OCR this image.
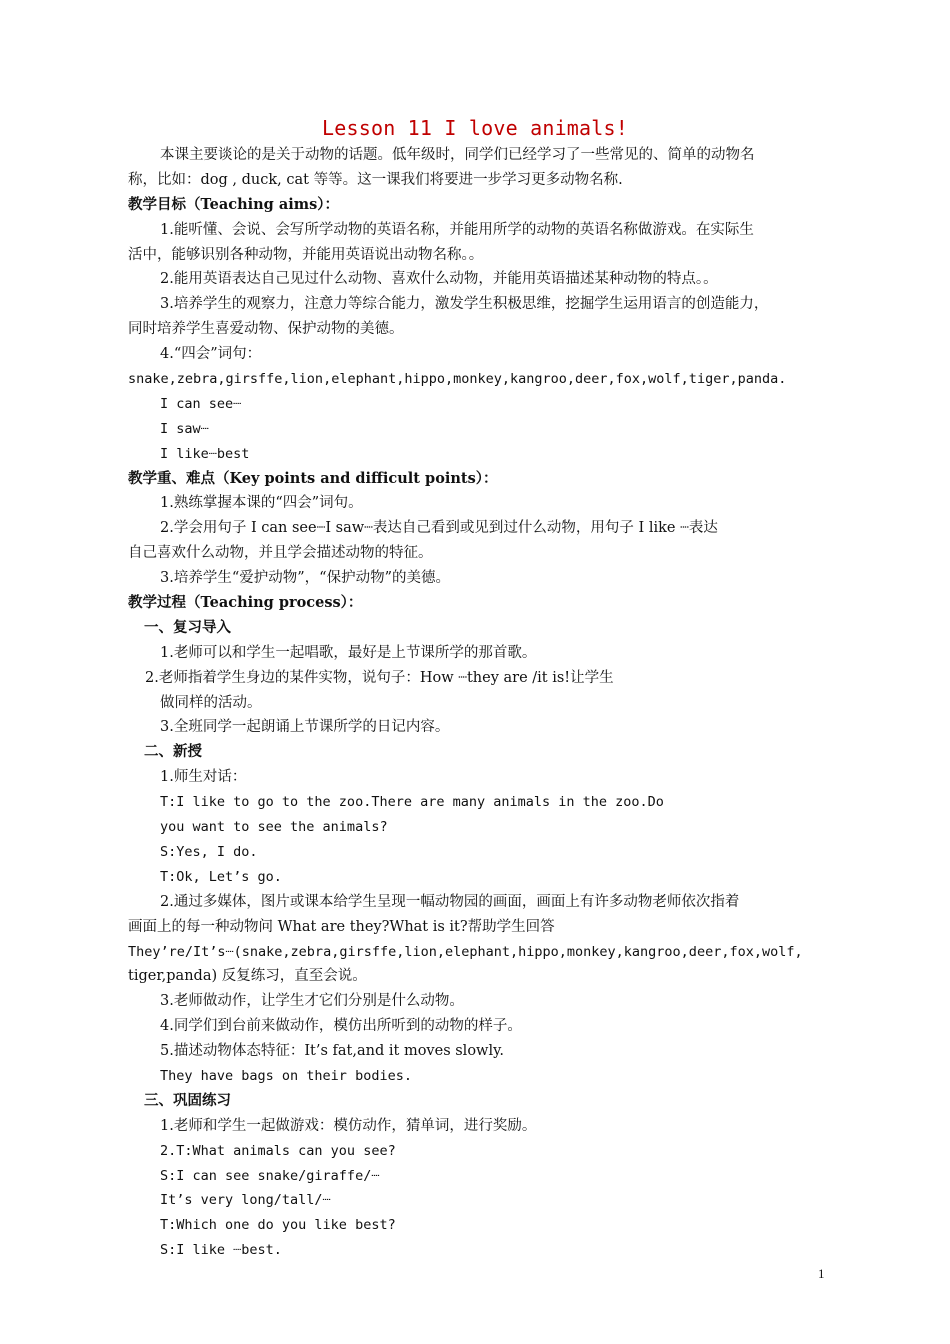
Lesson 11 I love animals!
本课主要谈论的是关于动物的话题。低年级时，同学们已经学习了一些常见的、简单的动物名
称，比如：dog , duck, cat 等等。这一课我们将要进一步学习更多动物名称.
教学目标（Teaching aims）：
1.能听懂、会说、会写所学动物的英语名称，并能用所学的动物的英语名称做游戏。在实际生
活中，能够识别各种动物，并能用英语说出动物名称。。
2.能用英语表达自己见过什么动物、喜欢什么动物，并能用英语描述某种动物的特点。。
3.培养学生的观察力，注意力等综合能力，激发学生积极思维，挖掘学生运用语言的创造能力，
同时培养学生喜爱动物、保护动物的美德。
4.“四会”词句：
snake,zebra,girsffe,lion,elephant,hippo,monkey,kangroo,deer,fox,wolf,tiger,panda.
I can see┈
I saw┈
I like┈best
教学重、难点（Key points and difficult points）：
1.熟练掌握本课的“四会”词句。
2.学会用句子 I can see┈I saw┈表达自己看到或见到过什么动物，用句子 I like ┈表达
自己喜欢什么动物，并且学会描述动物的特征。
3.培养学生“爱护动物”，“保护动物”的美德。
教学过程（Teaching process）：
一、复习导入
1.老师可以和学生一起唱歌，最好是上节课所学的那首歌。
2.老师指着学生身边的某件实物，说句子：How ┈they are /it is!让学生
做同样的活动。
3.全班同学一起朗诵上节课所学的日记内容。
二、新授
1.师生对话：
T:I like to go to the zoo.There are many animals in the zoo.Do
you want to see the animals?
S:Yes, I do.
T:Ok, Let’s go.
2.通过多媒体，图片或课本给学生呈现一幅动物园的画面，画面上有许多动物老师依次指着
画面上的每一种动物问 What are they?What is it?帮助学生回答
They’re/It’s┈(snake,zebra,girsffe,lion,elephant,hippo,monkey,kangroo,deer,fox,wolf,
tiger,panda) 反复练习，直至会说。
3.老师做动作，让学生才它们分别是什么动物。
4.同学们到台前来做动作，模仿出所听到的动物的样子。
5.描述动物体态特征：It’s fat,and it moves slowly.
They have bags on their bodies.
三、巩固练习
1.老师和学生一起做游戏：模仿动作，猜单词，进行奖励。
2.T:What animals can you see?
S:I can see snake/giraffe/┈
It’s very long/tall/┈
T:Which one do you like best?
S:I like ┈best.
1
